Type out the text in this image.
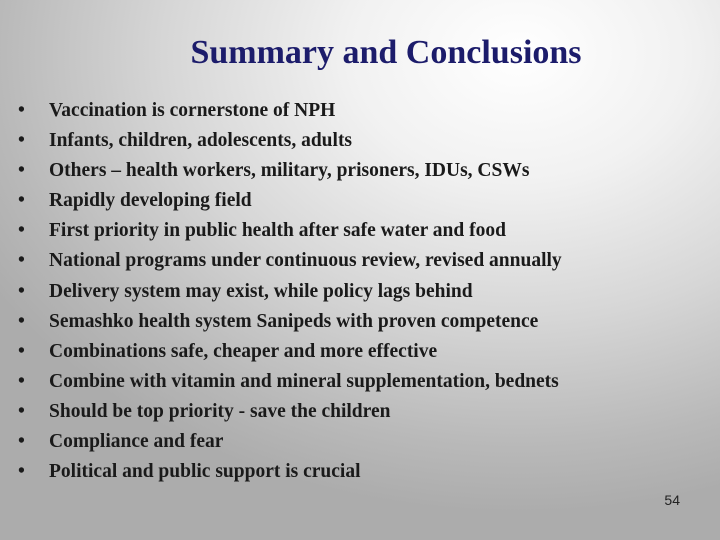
Summary and Conclusions
•	Vaccination is cornerstone of NPH
•	Infants, children, adolescents, adults
•	Others – health workers, military, prisoners, IDUs, CSWs
•	Rapidly developing field
•	First priority in public health after safe water and food
•	National programs under continuous review, revised annually
•	Delivery system may exist, while policy lags behind
•	Semashko health system Sanipeds with proven competence
•	Combinations safe, cheaper and more effective
•	Combine with vitamin and mineral supplementation, bednets
•	Should be top priority - save the children
•	Compliance and fear
•	Political and public support is crucial
54
